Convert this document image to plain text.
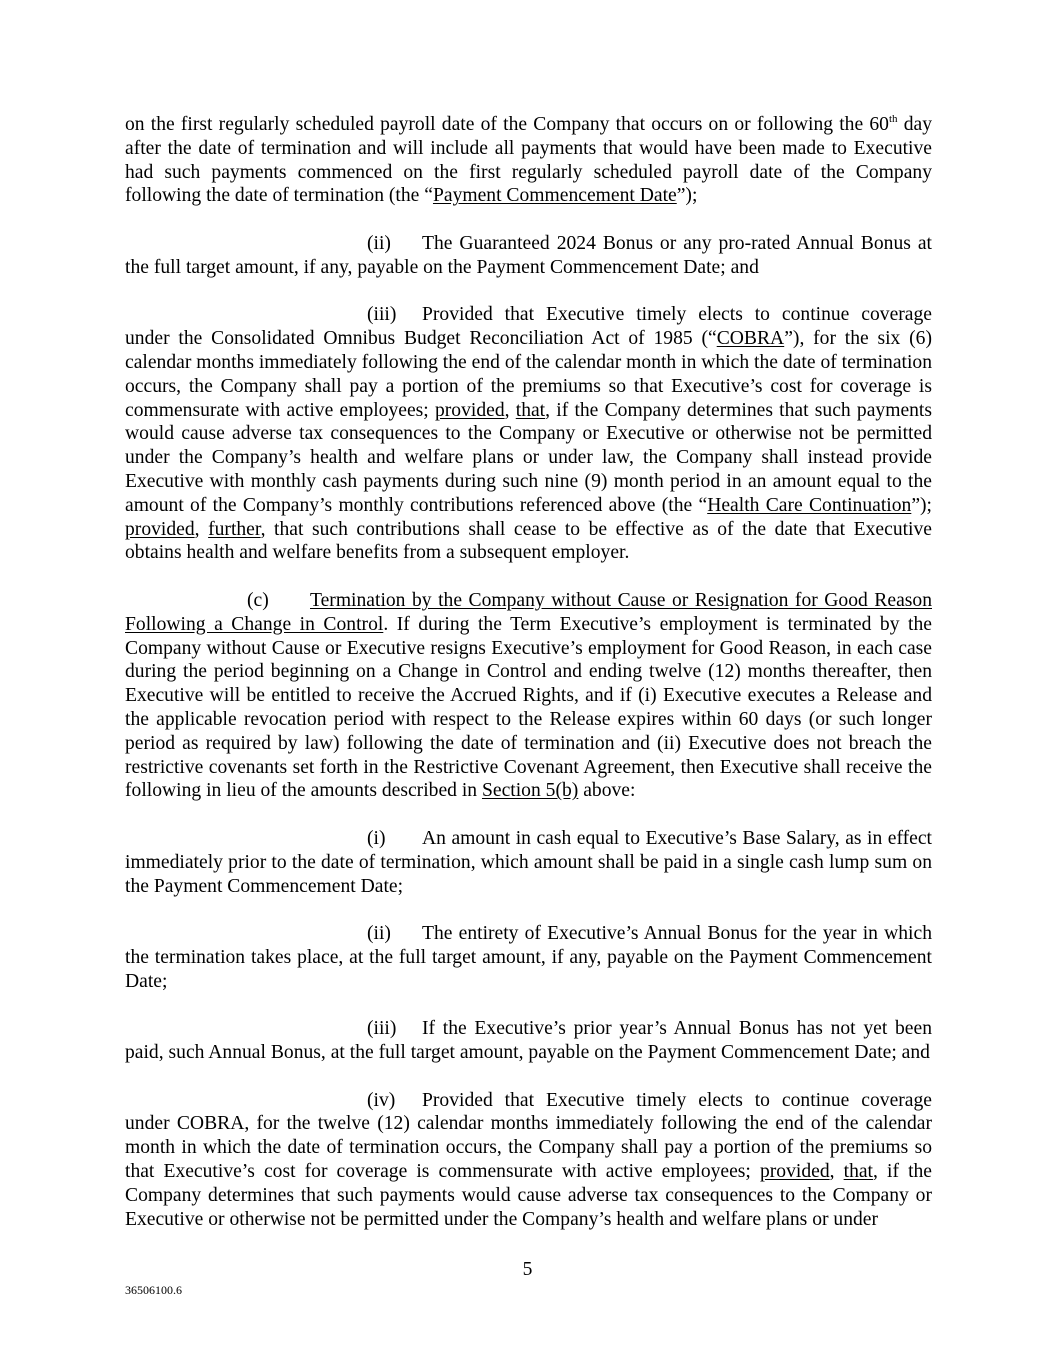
on the first regularly scheduled payroll date of the Company that occurs on or following the 60th day after the date of termination and will include all payments that would have been made to Executive had such payments commenced on the first regularly scheduled payroll date of the Company following the date of termination (the “Payment Commencement Date”);

(ii) The Guaranteed 2024 Bonus or any pro-rated Annual Bonus at the full target amount, if any, payable on the Payment Commencement Date; and

(iii) Provided that Executive timely elects to continue coverage under the Consolidated Omnibus Budget Reconciliation Act of 1985 (“COBRA”), for the six (6) calendar months immediately following the end of the calendar month in which the date of termination occurs, the Company shall pay a portion of the premiums so that Executive’s cost for coverage is commensurate with active employees; provided, that, if the Company determines that such payments would cause adverse tax consequences to the Company or Executive or otherwise not be permitted under the Company’s health and welfare plans or under law, the Company shall instead provide Executive with monthly cash payments during such nine (9) month period in an amount equal to the amount of the Company’s monthly contributions referenced above (the “Health Care Continuation”); provided, further, that such contributions shall cease to be effective as of the date that Executive obtains health and welfare benefits from a subsequent employer.

(c) Termination by the Company without Cause or Resignation for Good Reason Following a Change in Control. If during the Term Executive’s employment is terminated by the Company without Cause or Executive resigns Executive’s employment for Good Reason, in each case during the period beginning on a Change in Control and ending twelve (12) months thereafter, then Executive will be entitled to receive the Accrued Rights, and if (i) Executive executes a Release and the applicable revocation period with respect to the Release expires within 60 days (or such longer period as required by law) following the date of termination and (ii) Executive does not breach the restrictive covenants set forth in the Restrictive Covenant Agreement, then Executive shall receive the following in lieu of the amounts described in Section 5(b) above:

(i) An amount in cash equal to Executive’s Base Salary, as in effect immediately prior to the date of termination, which amount shall be paid in a single cash lump sum on the Payment Commencement Date;

(ii) The entirety of Executive’s Annual Bonus for the year in which the termination takes place, at the full target amount, if any, payable on the Payment Commencement Date;

(iii) If the Executive’s prior year’s Annual Bonus has not yet been paid, such Annual Bonus, at the full target amount, payable on the Payment Commencement Date; and

(iv) Provided that Executive timely elects to continue coverage under COBRA, for the twelve (12) calendar months immediately following the end of the calendar month in which the date of termination occurs, the Company shall pay a portion of the premiums so that Executive’s cost for coverage is commensurate with active employees; provided, that, if the Company determines that such payments would cause adverse tax consequences to the Company or Executive or otherwise not be permitted under the Company’s health and welfare plans or under

5
36506100.6
